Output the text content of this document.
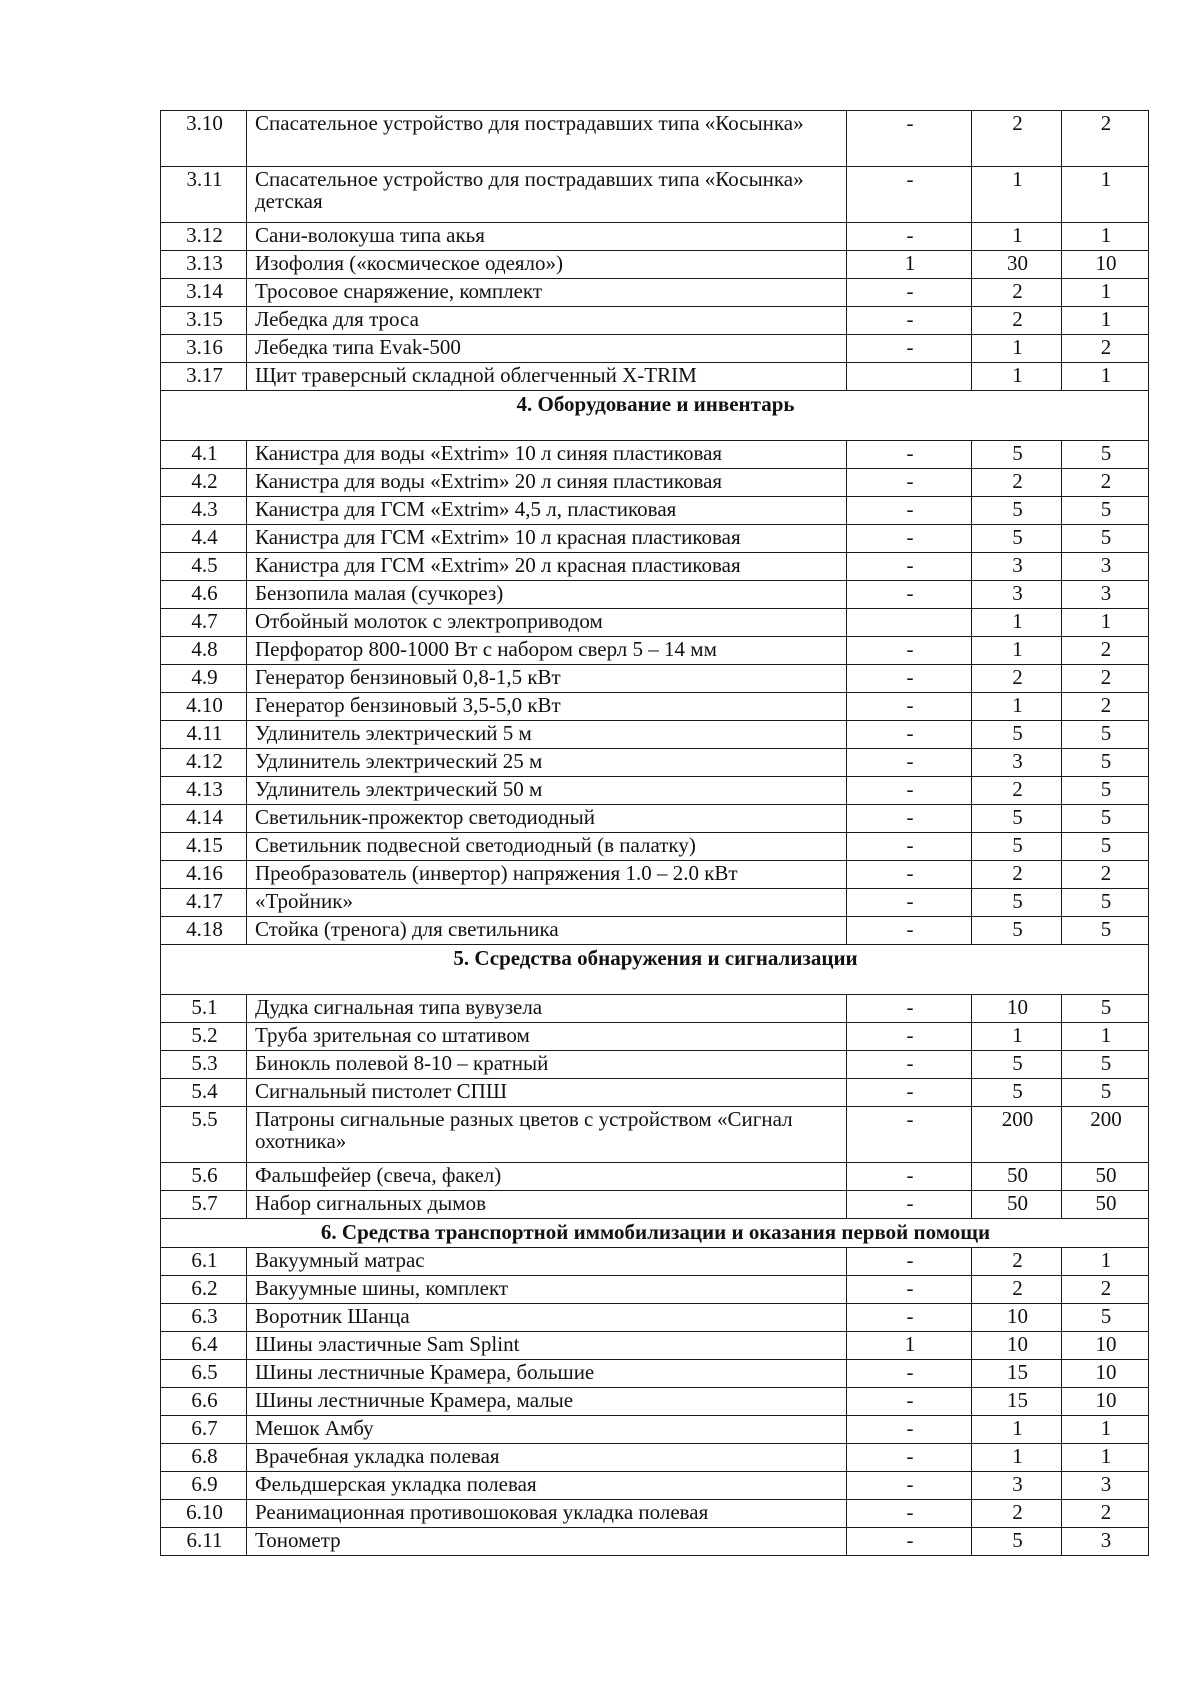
3.10	Спасательное устройство для пострадавших типа «Косынка»	-	2	2
3.11	Спасательное устройство для пострадавших типа «Косынка» детская	-	1	1
3.12	Сани-волокуша типа акья	-	1	1
3.13	Изофолия («космическое одеяло»)	1	30	10
3.14	Тросовое снаряжение, комплект	-	2	1
3.15	Лебедка для троса	-	2	1
3.16	Лебедка типа Evak-500	-	1	2
3.17	Щит траверсный складной облегченный X-TRIM		1	1
4. Оборудование и инвентарь				
4.1	Канистра для воды «Extrim» 10 л синяя пластиковая	-	5	5
4.2	Канистра для воды «Extrim» 20 л синяя пластиковая	-	2	2
4.3	Канистра для ГСМ «Extrim» 4,5 л, пластиковая	-	5	5
4.4	Канистра для ГСМ «Extrim» 10 л красная пластиковая	-	5	5
4.5	Канистра для ГСМ «Extrim» 20 л красная пластиковая	-	3	3
4.6	Бензопила малая (сучкорез)	-	3	3
4.7	Отбойный молоток с электроприводом		1	1
4.8	Перфоратор 800-1000 Вт с набором сверл 5 – 14 мм	-	1	2
4.9	Генератор бензиновый 0,8-1,5 кВт	-	2	2
4.10	Генератор бензиновый 3,5-5,0 кВт	-	1	2
4.11	Удлинитель электрический 5 м	-	5	5
4.12	Удлинитель электрический 25 м	-	3	5
4.13	Удлинитель электрический 50 м	-	2	5
4.14	Светильник-прожектор светодиодный	-	5	5
4.15	Светильник подвесной светодиодный (в палатку)	-	5	5
4.16	Преобразователь (инвертор) напряжения 1.0 – 2.0 кВт	-	2	2
4.17	«Тройник»	-	5	5
4.18	Стойка (тренога) для светильника	-	5	5
5. Ссредства обнаружения и сигнализации				
5.1	Дудка сигнальная типа вувузела	-	10	5
5.2	Труба зрительная со штативом	-	1	1
5.3	Бинокль полевой 8-10 – кратный	-	5	5
5.4	Сигнальный пистолет СПШ	-	5	5
5.5	Патроны сигнальные разных цветов с устройством «Сигнал охотника»	-	200	200
5.6	Фальшфейер (свеча, факел)	-	50	50
5.7	Набор сигнальных дымов	-	50	50
6. Средства транспортной иммобилизации и оказания первой помощи				
6.1	Вакуумный матрас	-	2	1
6.2	Вакуумные шины, комплект	-	2	2
6.3	Воротник Шанца	-	10	5
6.4	Шины эластичные Sam Splint	1	10	10
6.5	Шины лестничные Крамера, большие	-	15	10
6.6	Шины лестничные Крамера, малые	-	15	10
6.7	Мешок Амбу	-	1	1
6.8	Врачебная укладка полевая	-	1	1
6.9	Фельдшерская укладка полевая	-	3	3
6.10	Реанимационная противошоковая укладка полевая	-	2	2
6.11	Тонометр	-	5	3
